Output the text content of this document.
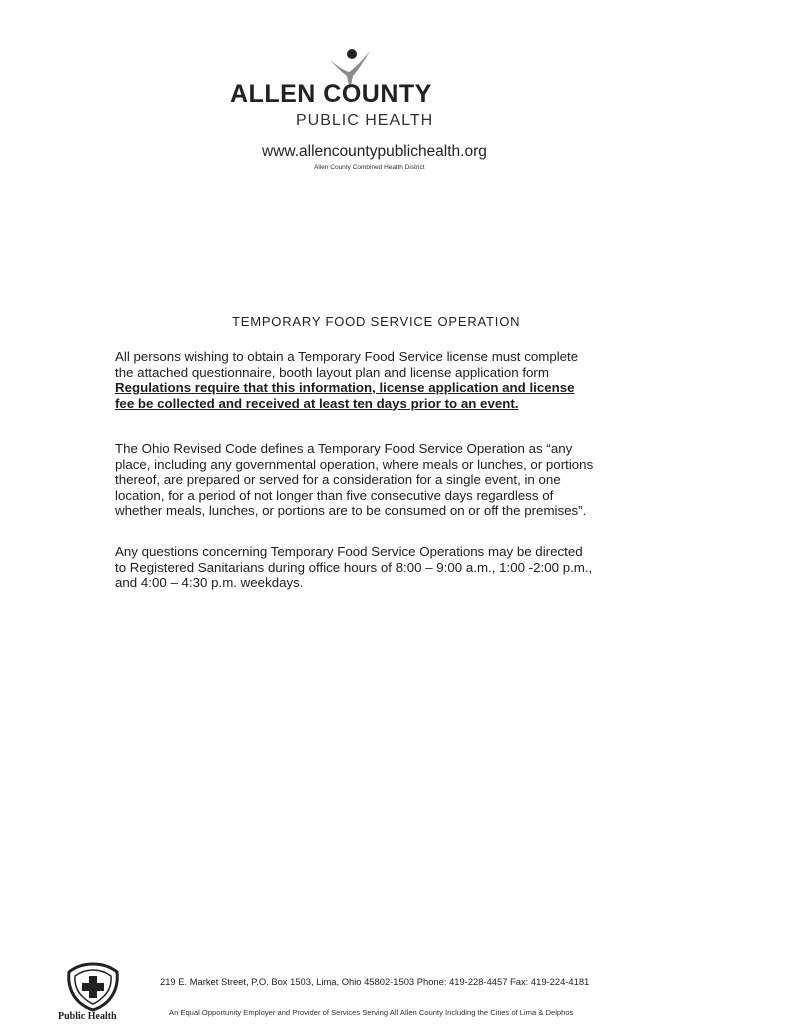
ALLEN COUNTY
PUBLIC HEALTH
www.allencountypublichealth.org
Allen County Combined Health District
TEMPORARY FOOD SERVICE OPERATION
All persons wishing to obtain a Temporary Food Service license must complete
the attached questionnaire, booth layout plan and license application form
Regulations require that this information, license application and license
fee be collected and received at least ten days prior to an event.
The Ohio Revised Code defines a Temporary Food Service Operation as “any
place, including any governmental operation, where meals or lunches, or portions
thereof, are prepared or served for a consideration for a single event, in one
location, for a period of not longer than five consecutive days regardless of
whether meals, lunches, or portions are to be consumed on or off the premises”.
Any questions concerning Temporary Food Service Operations may be directed
to Registered Sanitarians during office hours of 8:00 – 9:00 a.m., 1:00 -2:00 p.m.,
and 4:00 – 4:30 p.m. weekdays.
Public Health
219 E. Market Street, P.O. Box 1503, Lima, Ohio 45802-1503 Phone: 419-228-4457 Fax: 419-224-4181
An Equal Opportunity Employer and Provider of Services Serving All Allen County Including the Cities of Lima & Delphos
